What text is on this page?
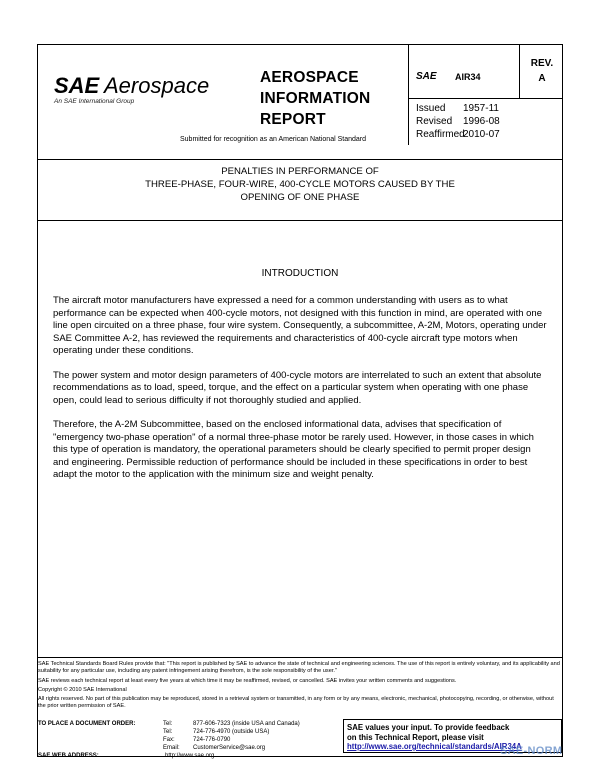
SAE Aerospace
An SAE International Group
AEROSPACE
INFORMATION
REPORT
Submitted for recognition as an American National Standard
SAE AIR34
REV.
A
Issued 1957-11
Revised 1996-08
Reaffirmed2010-07
PENALTIES IN PERFORMANCE OF
THREE-PHASE, FOUR-WIRE, 400-CYCLE MOTORS CAUSED BY THE
OPENING OF ONE PHASE
INTRODUCTION

The aircraft motor manufacturers have expressed a need for a common understanding with users as to what performance can be expected when 400-cycle motors, not designed with this function in mind, are operated with one line open circuited on a three phase, four wire system. Consequently, a subcommittee, A-2M, Motors, operating under SAE Committee A-2, has reviewed the requirements and characteristics of 400-cycle aircraft type motors when operating under these conditions.

The power system and motor design parameters of 400-cycle motors are interrelated to such an extent that absolute recommendations as to load, speed, torque, and the effect on a particular system when operating with one phase open, could lead to serious difficulty if not thoroughly studied and applied.

Therefore, the A-2M Subcommittee, based on the enclosed informational data, advises that specification of "emergency two-phase operation" of a normal three-phase motor be rarely used. However, in those cases in which this type of operation is mandatory, the operational parameters should be clearly specified to permit proper design and engineering. Permissible reduction of performance should be included in these specifications in order to best adapt the motor to the application with the minimum size and weight penalty.

SAE Technical Standards Board Rules provide that: "This report is published by SAE to advance the state of technical and engineering sciences. The use of this report is entirely voluntary, and its applicability and suitability for any particular use, including any patent infringement arising therefrom, is the sole responsibility of the user."

SAE reviews each technical report at least every five years at which time it may be reaffirmed, revised, or cancelled. SAE invites your written comments and suggestions.

Copyright © 2010 SAE International

All rights reserved. No part of this publication may be reproduced, stored in a retrieval system or transmitted, in any form or by any means, electronic, mechanical, photocopying, recording, or otherwise, without the prior written permission of SAE.

TO PLACE A DOCUMENT ORDER:	Tel:	877-606-7323 (inside USA and Canada)
Tel:	724-776-4970 (outside USA)
Fax:	724-776-0790
Email:	CustomerService@sae.org
SAE WEB ADDRESS:	http://www.sae.org
SAE values your input. To provide feedback
on this Technical Report, please visit
http://www.sae.org/technical/standards/AIR34A
SAE-NORM
